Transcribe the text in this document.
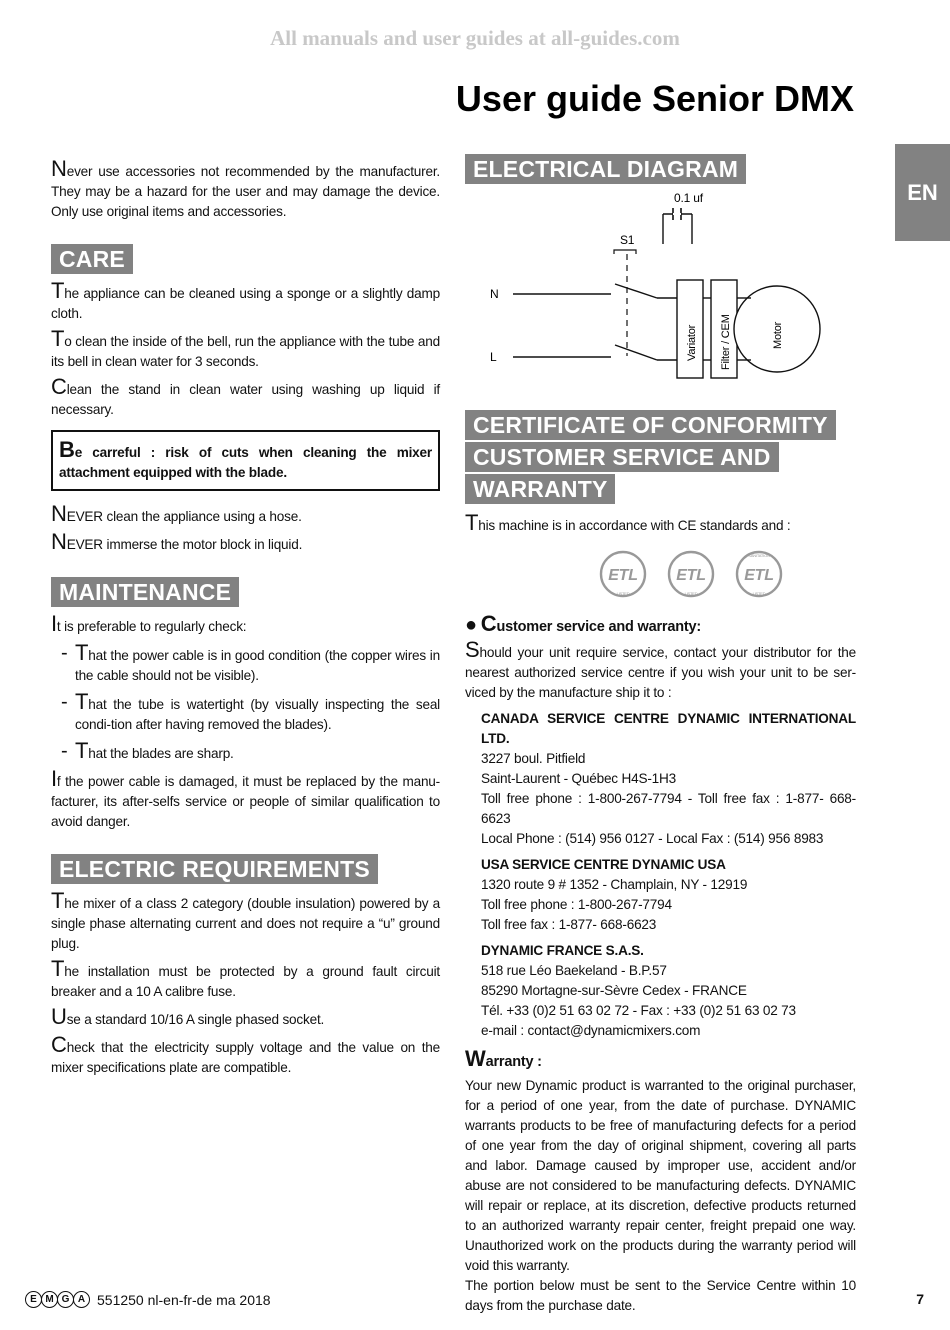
All manuals and user guides at all-guides.com
User guide Senior DMX
EN

Never use accessories not recommended by the manufacturer. They may be a hazard for the user and may damage the device. Only use original items and accessories.

CARE

The appliance can be cleaned using a sponge or a slightly damp cloth.

To clean the inside of the bell, run the appliance with the tube and its bell in clean water for 3 seconds.

Clean the stand in clean water using washing up liquid if necessary.

Be carreful : risk of cuts when cleaning the mixer attachment equipped with the blade.

NEVER clean the appliance using a hose.

NEVER immerse the motor block in liquid.

MAINTENANCE

It is preferable to regularly check:

- That the power cable is in good condition (the copper wires in the cable should not be visible).
- That the tube is watertight (by visually inspecting the seal condi-tion after having removed the blades).
- That the blades are sharp.

If the power cable is damaged, it must be replaced by the manu-facturer, its after-selfs service or people of similar qualification to avoid danger.

ELECTRIC REQUIREMENTS

The mixer of a class 2 category (double insulation) powered by a single phase alternating current and does not require a “u” ground plug.

The installation must be protected by a ground fault circuit breaker and a 10 A calibre fuse.

Use a standard 10/16 A single phased socket.

Check that the electricity supply voltage and the value on the mixer specifications plate are compatible.

ELECTRICAL DIAGRAM
0.1 uf
S1
N
L	Variator Filter / CEM	Motor
CERTIFICATE OF CONFORMITY
CUSTOMER SERVICE AND
WARRANTY

This machine is in accordance with CE standards and :

ETL
LISTED
ETL
LISTED
ETL
SANITATION
LISTED
● Customer service and warranty:

Should your unit require service, contact your distributor for the nearest authorized service centre if you wish your unit to be ser-viced by the manufacture ship it to :

CANADA SERVICE CENTRE DYNAMIC INTERNATIONAL LTD.
3227 boul. Pitfield
Saint-Laurent - Québec H4S-1H3
Toll free phone : 1-800-267-7794 - Toll free fax : 1-877- 668-6623
Local Phone : (514) 956 0127 - Local Fax : (514) 956 8983
USA SERVICE CENTRE DYNAMIC USA
1320 route 9 # 1352 - Champlain, NY - 12919
Toll free phone : 1-800-267-7794
Toll free fax : 1-877- 668-6623
DYNAMIC FRANCE S.A.S.
518 rue Léo Baekeland - B.P.57
85290 Mortagne-sur-Sèvre Cedex - FRANCE
Tél. +33 (0)2 51 63 02 72 - Fax : +33 (0)2 51 63 02 73
e-mail : contact@dynamicmixers.com
Warranty :

Your new Dynamic product is warranted to the original purchaser, for a period of one year, from the date of purchase. DYNAMIC warrants products to be free of manufacturing defects for a period of one year from the day of original shipment, covering all parts and labor. Damage caused by improper use, accident and/or abuse are not considered to be manufacturing defects. DYNAMIC will repair or replace, at its discretion, defective products returned to an authorized warranty repair center, freight prepaid one way. Unauthorized work on the products during the warranty period will void this warranty.

The portion below must be sent to the Service Centre within 10 days from the purchase date.

E M G A 551250 nl-en-fr-de ma 2018	7
